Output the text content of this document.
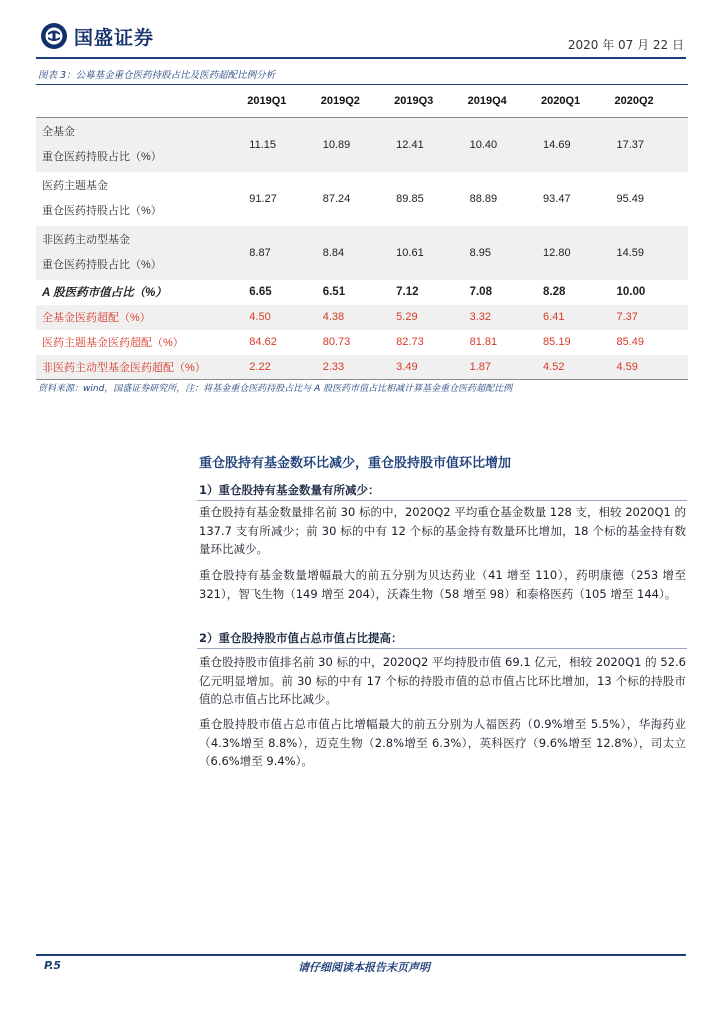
国盛证券	2020 年 07 月 22 日
图表 3：公募基金重仓医药持股占比及医药超配比例分析
	2019Q1	2019Q2	2019Q3	2019Q4	2020Q1	2020Q2

全基金
重仓医药持股占比（%）	11.15	10.89	12.41	10.40	14.69	17.37

医药主题基金
重仓医药持股占比（%）	91.27	87.24	89.85	88.89	93.47	95.49

非医药主动型基金
重仓医药持股占比（%）	8.87	8.84	10.61	8.95	12.80	14.59
A 股医药市值占比（%）	6.65	6.51	7.12	7.08	8.28	10.00
全基金医药超配（%）	4.50	4.38	5.29	3.32	6.41	7.37
医药主题基金医药超配（%）	84.62	80.73	82.73	81.81	85.19	85.49
非医药主动型基金医药超配（%）	2.22	2.33	3.49	1.87	4.52	4.59
资料来源：wind，国盛证券研究所，注：将基金重仓医药持股占比与 A 股医药市值占比相减计算基金重仓医药超配比例
重仓股持有基金数环比减少，重仓股持股市值环比增加
1）重仓股持有基金数量有所减少：

重仓股持有基金数量排名前 30 标的中，2020Q2 平均重仓基金数量 128 支，相较 2020Q1 的 137.7 支有所减少；前 30 标的中有 12 个标的基金持有数量环比增加，18 个标的基金持有数量环比减少。

重仓股持有基金数量增幅最大的前五分别为贝达药业（41 增至 110），药明康德（253 增至 321），智飞生物（149 增至 204），沃森生物（58 增至 98）和泰格医药（105 增至 144）。

2）重仓股持股市值占总市值占比提高：

重仓股持股市值排名前 30 标的中，2020Q2 平均持股市值 69.1 亿元，相较 2020Q1 的 52.6 亿元明显增加。前 30 标的中有 17 个标的持股市值的总市值占比环比增加，13 个标的持股市值的总市值占比环比减少。

重仓股持股市值占总市值占比增幅最大的前五分别为人福医药（0.9%增至 5.5%），华海药业（4.3%增至 8.8%），迈克生物（2.8%增至 6.3%），英科医疗（9.6%增至 12.8%），司太立（6.6%增至 9.4%）。

P.5	请仔细阅读本报告末页声明
